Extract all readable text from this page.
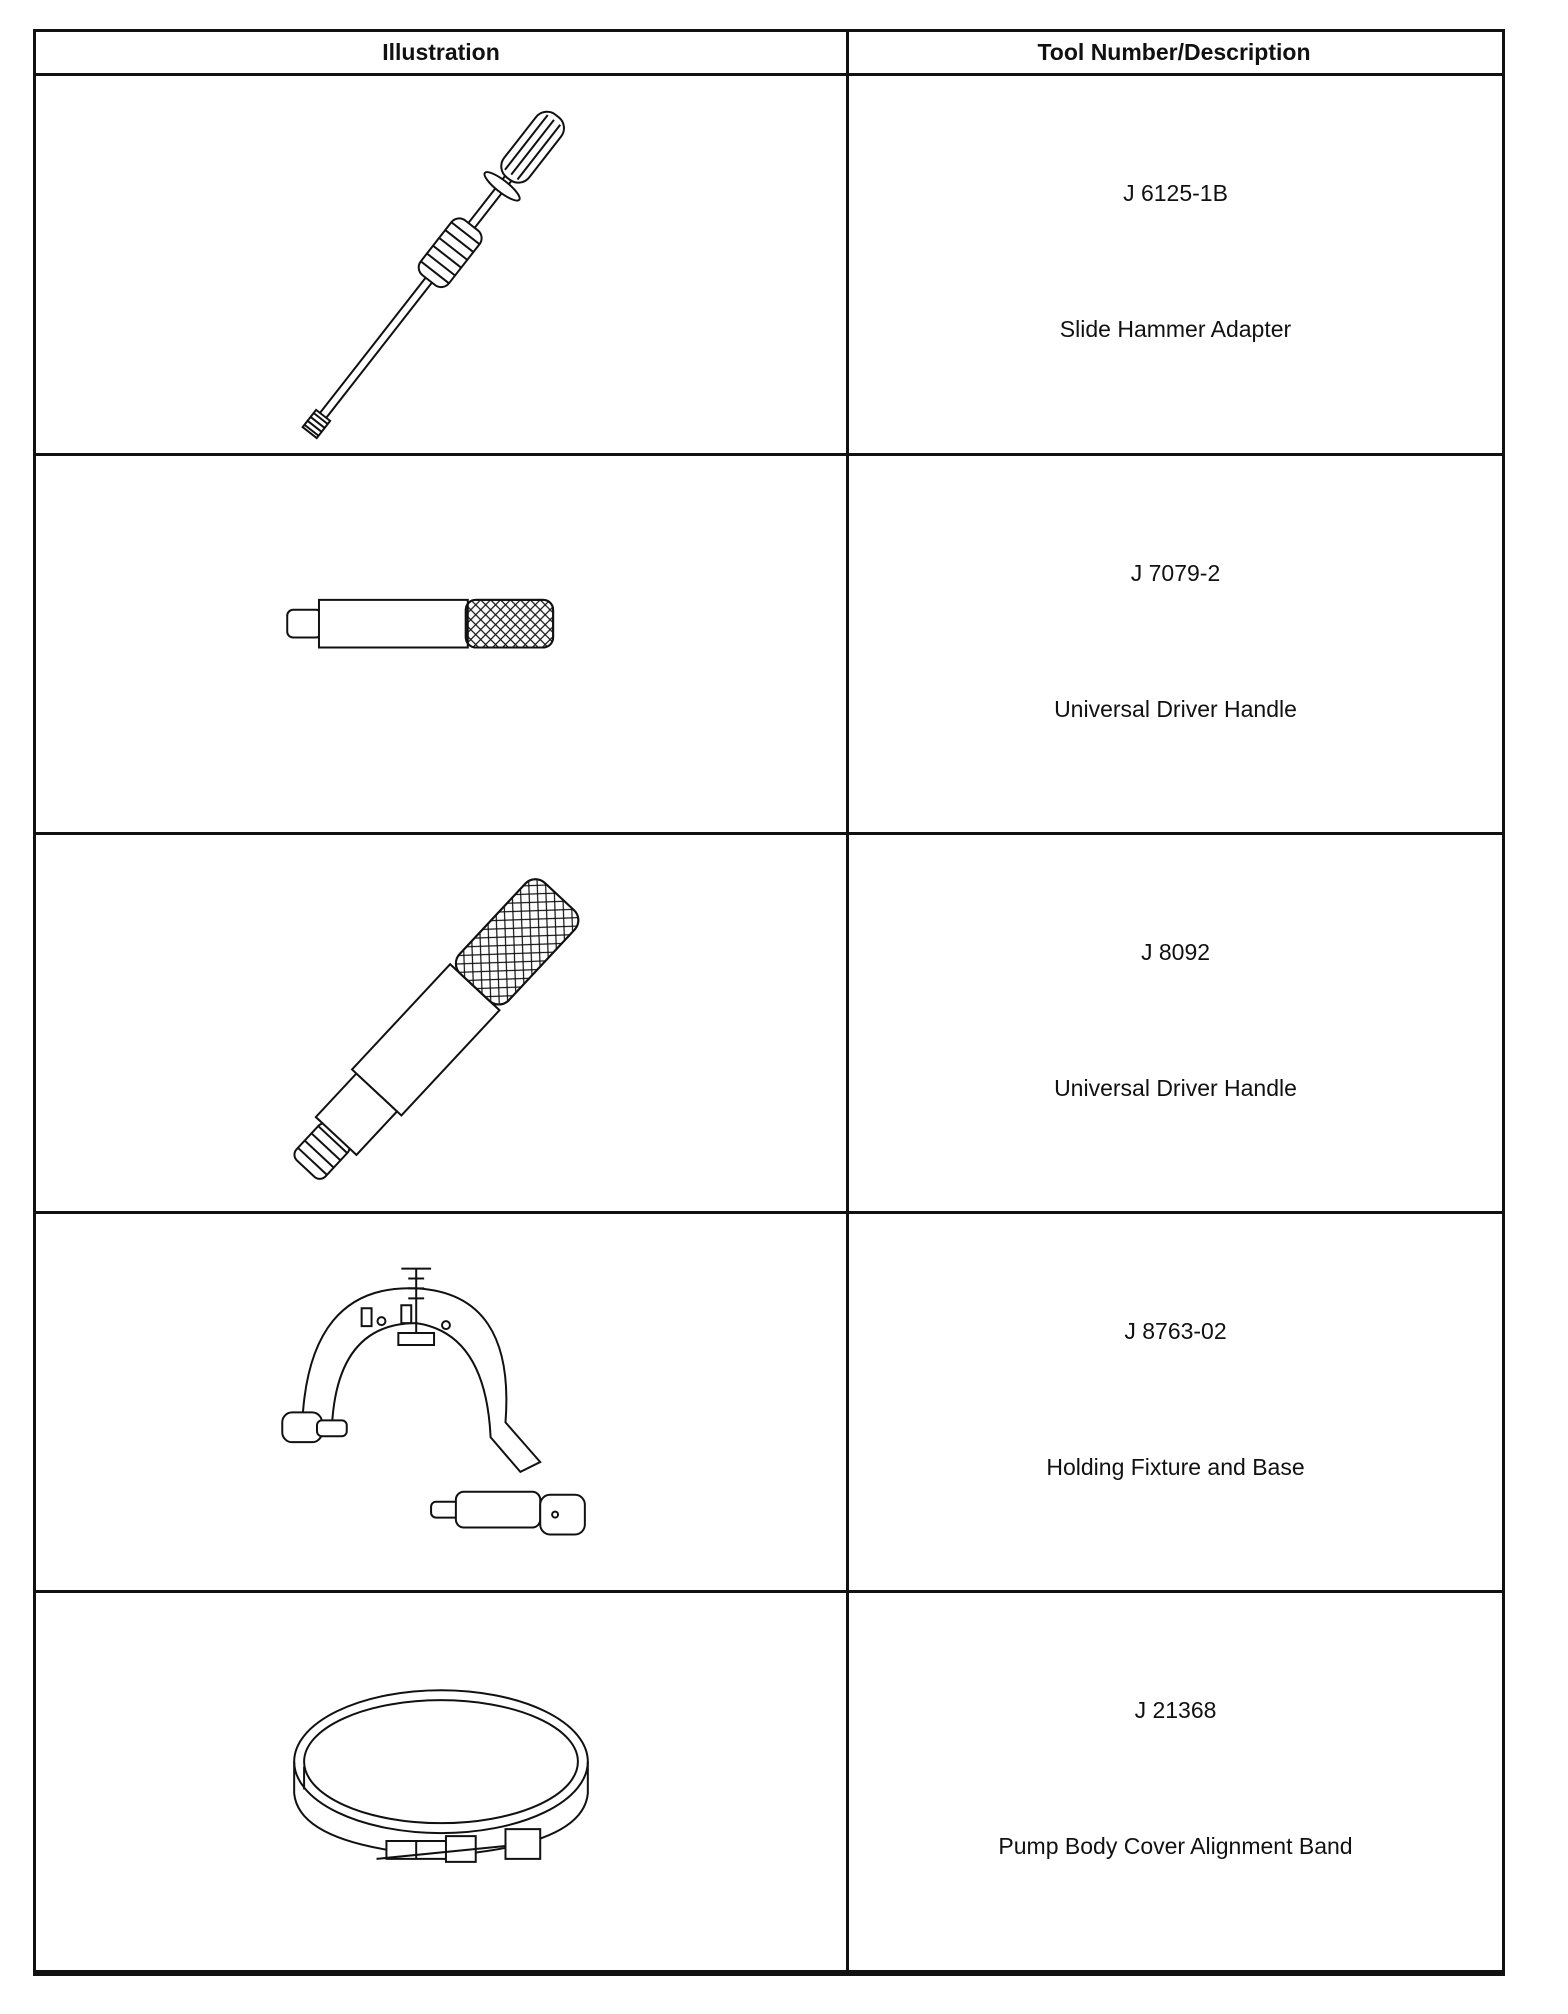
Illustration	Tool Number/Description
J 6125-1B
Slide Hammer Adapter
J 7079-2
Universal Driver Handle
J 8092
Universal Driver Handle
J 8763-02
Holding Fixture and Base
J 21368
Pump Body Cover Alignment Band
